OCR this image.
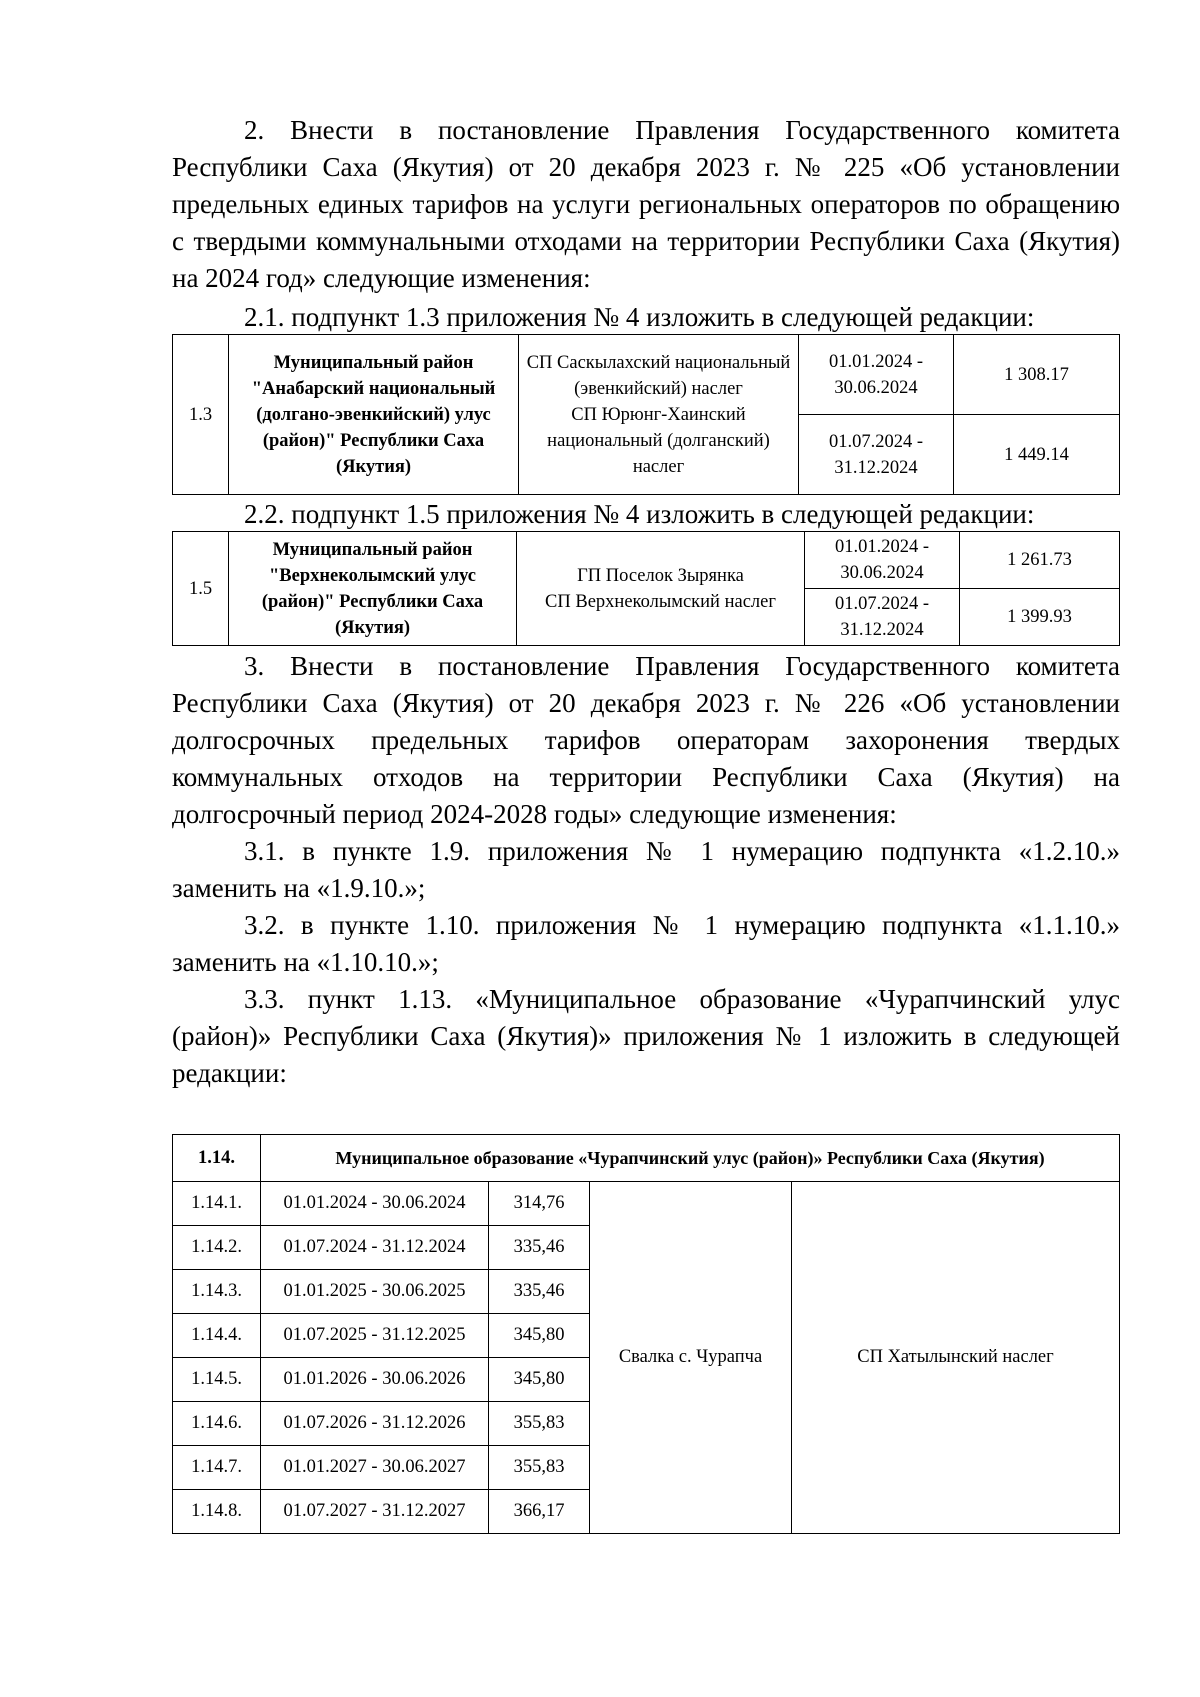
2. Внести в постановление Правления Государственного комитета Республики Саха (Якутия) от 20 декабря 2023 г. № 225 «Об установлении предельных единых тарифов на услуги региональных операторов по обращению с твердыми коммунальными отходами на территории Республики Саха (Якутия) на 2024 год» следующие изменения:

2.1. подпункт 1.3 приложения № 4 изложить в следующей редакции:

1.3	Муниципальный район "Анабарский национальный (долгано-эвенкийский) улус (район)" Республики Саха (Якутия)	СП Саскылахский национальный (эвенкийский) наслег
СП Юрюнг-Хаинский национальный (долганский) наслег	01.01.2024 - 30.06.2024	1 308.17
			01.07.2024 - 31.12.2024	1 449.14

2.2. подпункт 1.5 приложения № 4 изложить в следующей редакции:

1.5	Муниципальный район "Верхнеколымский улус (район)" Республики Саха (Якутия)	ГП Поселок Зырянка
СП Верхнеколымский наслег	01.01.2024 - 30.06.2024	1 261.73
			01.07.2024 - 31.12.2024	1 399.93

3. Внести в постановление Правления Государственного комитета Республики Саха (Якутия) от 20 декабря 2023 г. № 226 «Об установлении долгосрочных предельных тарифов операторам захоронения твердых коммунальных отходов на территории Республики Саха (Якутия) на долгосрочный период 2024-2028 годы» следующие изменения:

3.1. в пункте 1.9. приложения № 1 нумерацию подпункта «1.2.10.» заменить на «1.9.10.»;

3.2. в пункте 1.10. приложения № 1 нумерацию подпункта «1.1.10.» заменить на «1.10.10.»;

3.3. пункт 1.13. «Муниципальное образование «Чурапчинский улус (район)» Республики Саха (Якутия)» приложения № 1 изложить в следующей редакции:

1.14.	Муниципальное образование «Чурапчинский улус (район)» Республики Саха (Якутия)			
1.14.1.	01.01.2024 - 30.06.2024	314,76	Свалка с. Чурапча	СП Хатылынский наслег
1.14.2.	01.07.2024 - 31.12.2024	335,46		
1.14.3.	01.01.2025 - 30.06.2025	335,46		
1.14.4.	01.07.2025 - 31.12.2025	345,80		
1.14.5.	01.01.2026 - 30.06.2026	345,80		
1.14.6.	01.07.2026 - 31.12.2026	355,83		
1.14.7.	01.01.2027 - 30.06.2027	355,83		
1.14.8.	01.07.2027 - 31.12.2027	366,17		
